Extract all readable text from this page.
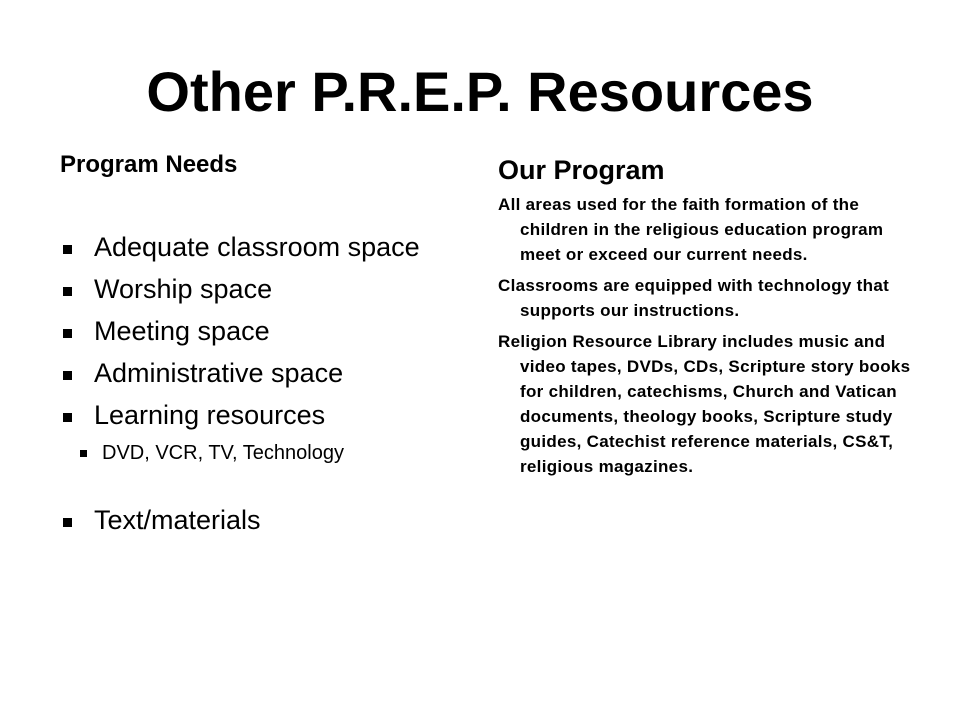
Other P.R.E.P. Resources
Program Needs
Adequate classroom space
Worship space
Meeting space
Administrative space
Learning resources
DVD, VCR, TV, Technology
Text/materials
Our Program

All areas used for the faith formation of the children in the religious education program meet or exceed our current needs.

Classrooms are equipped with technology that supports our instructions.

Religion Resource Library includes music and video tapes, DVDs, CDs, Scripture story books for children, catechisms, Church and Vatican documents, theology books, Scripture study guides, Catechist reference materials, CS&T, religious magazines.
